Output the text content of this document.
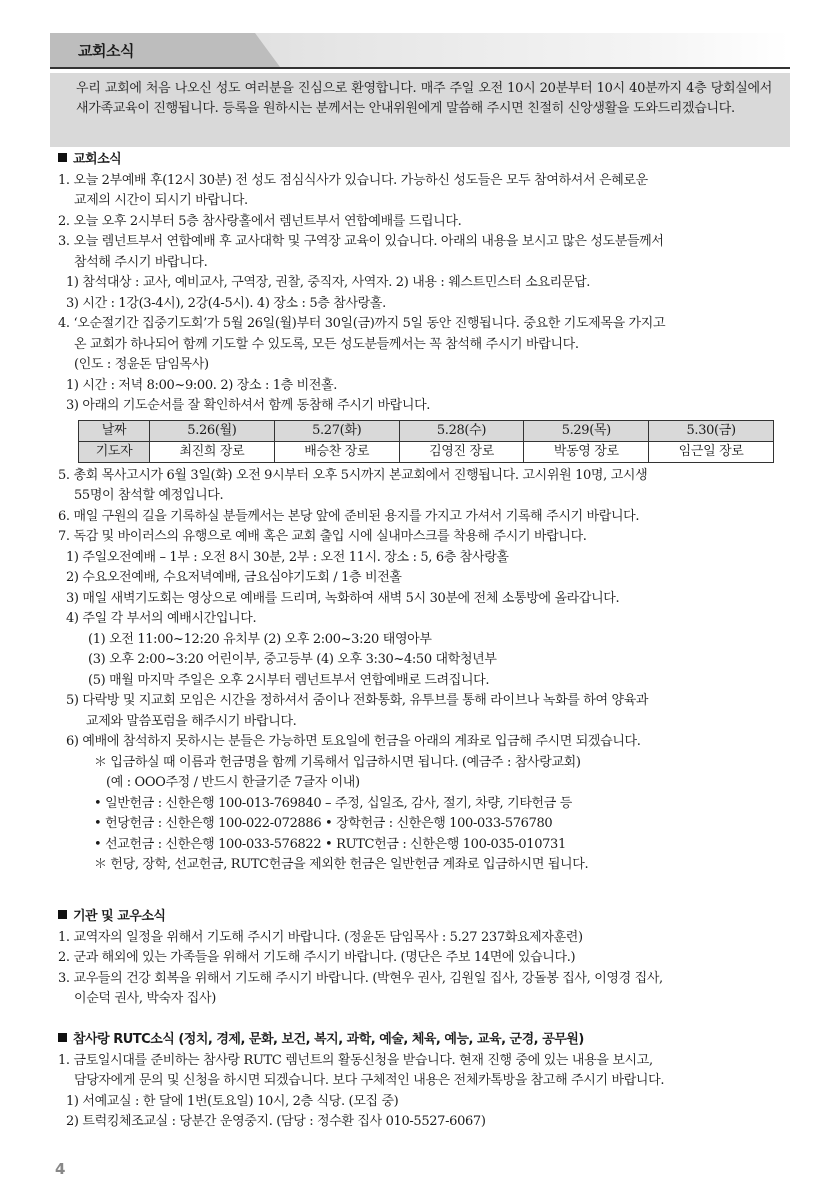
교회소식

우리 교회에 처음 나오신 성도 여러분을 진심으로 환영합니다. 매주 주일 오전 10시 20분부터 10시 40분까지 4층 당회실에서 새가족교육이 진행됩니다. 등록을 원하시는 분께서는 안내위원에게 말씀해 주시면 친절히 신앙생활을 도와드리겠습니다.

교회소식
1. 오늘 2부예배 후(12시 30분) 전 성도 점심식사가 있습니다. 가능하신 성도들은 모두 참여하셔서 은혜로운
교제의 시간이 되시기 바랍니다.
2. 오늘 오후 2시부터 5층 참사랑홀에서 렘넌트부서 연합예배를 드립니다.
3. 오늘 렘넌트부서 연합예배 후 교사대학 및 구역장 교육이 있습니다. 아래의 내용을 보시고 많은 성도분들께서
참석해 주시기 바랍니다.
1) 참석대상 : 교사, 예비교사, 구역장, 권찰, 중직자, 사역자. 2) 내용 : 웨스트민스터 소요리문답.
3) 시간 : 1강(3-4시), 2강(4-5시). 4) 장소 : 5층 참사랑홀.
4. ‘오순절기간 집중기도회’가 5월 26일(월)부터 30일(금)까지 5일 동안 진행됩니다. 중요한 기도제목을 가지고
온 교회가 하나되어 함께 기도할 수 있도록, 모든 성도분들께서는 꼭 참석해 주시기 바랍니다.
(인도 : 정윤돈 담임목사)
1) 시간 : 저녁 8:00~9:00. 2) 장소 : 1층 비전홀.
3) 아래의 기도순서를 잘 확인하셔서 함께 동참해 주시기 바랍니다.
날짜	5.26(월)	5.27(화)	5.28(수)	5.29(목)	5.30(금)
기도자	최진희 장로	배승찬 장로	김영진 장로	박동영 장로	임근일 장로
5. 총회 목사고시가 6월 3일(화) 오전 9시부터 오후 5시까지 본교회에서 진행됩니다. 고시위원 10명, 고시생
55명이 참석할 예정입니다.
6. 매일 구원의 길을 기록하실 분들께서는 본당 앞에 준비된 용지를 가지고 가셔서 기록해 주시기 바랍니다.
7. 독감 및 바이러스의 유행으로 예배 혹은 교회 출입 시에 실내마스크를 착용해 주시기 바랍니다.
1) 주일오전예배 – 1부 : 오전 8시 30분, 2부 : 오전 11시. 장소 : 5, 6층 참사랑홀
2) 수요오전예배, 수요저녁예배, 금요심야기도회 / 1층 비전홀
3) 매일 새벽기도회는 영상으로 예배를 드리며, 녹화하여 새벽 5시 30분에 전체 소통방에 올라갑니다.
4) 주일 각 부서의 예배시간입니다.
(1) 오전 11:00~12:20 유치부 (2) 오후 2:00~3:20 태영아부
(3) 오후 2:00~3:20 어린이부, 중고등부 (4) 오후 3:30~4:50 대학청년부
(5) 매월 마지막 주일은 오후 2시부터 렘넌트부서 연합예배로 드려집니다.
5) 다락방 및 지교회 모임은 시간을 정하셔서 줌이나 전화통화, 유투브를 통해 라이브나 녹화를 하여 양육과
교제와 말씀포럼을 해주시기 바랍니다.
6) 예배에 참석하지 못하시는 분들은 가능하면 토요일에 헌금을 아래의 계좌로 입금해 주시면 되겠습니다.
＊ 입금하실 때 이름과 헌금명을 함께 기록해서 입금하시면 됩니다. (예금주 : 참사랑교회)
(예 : OOO주정 / 반드시 한글기준 7글자 이내)
• 일반헌금 : 신한은행 100-013-769840 – 주정, 십일조, 감사, 절기, 차량, 기타헌금 등
• 헌당헌금 : 신한은행 100-022-072886 • 장학헌금 : 신한은행 100-033-576780
• 선교헌금 : 신한은행 100-033-576822 • RUTC헌금 : 신한은행 100-035-010731
＊ 헌당, 장학, 선교헌금, RUTC헌금을 제외한 헌금은 일반헌금 계좌로 입금하시면 됩니다.
기관 및 교우소식
1. 교역자의 일정을 위해서 기도해 주시기 바랍니다. (정윤돈 담임목사 : 5.27 237화요제자훈련)
2. 군과 해외에 있는 가족들을 위해서 기도해 주시기 바랍니다. (명단은 주보 14면에 있습니다.)
3. 교우들의 건강 회복을 위해서 기도해 주시기 바랍니다. (박현우 권사, 김원일 집사, 강돌봉 집사, 이영경 집사,
이순덕 권사, 박숙자 집사)
참사랑 RUTC소식 (정치, 경제, 문화, 보건, 복지, 과학, 예술, 체육, 예능, 교육, 군경, 공무원)
1. 금토일시대를 준비하는 참사랑 RUTC 렘넌트의 활동신청을 받습니다. 현재 진행 중에 있는 내용을 보시고,
담당자에게 문의 및 신청을 하시면 되겠습니다. 보다 구체적인 내용은 전체카톡방을 참고해 주시기 바랍니다.
1) 서예교실 : 한 달에 1번(토요일) 10시, 2층 식당. (모집 중)
2) 트럭킹체조교실 : 당분간 운영중지. (담당 : 정수환 집사 010-5527-6067)
4
